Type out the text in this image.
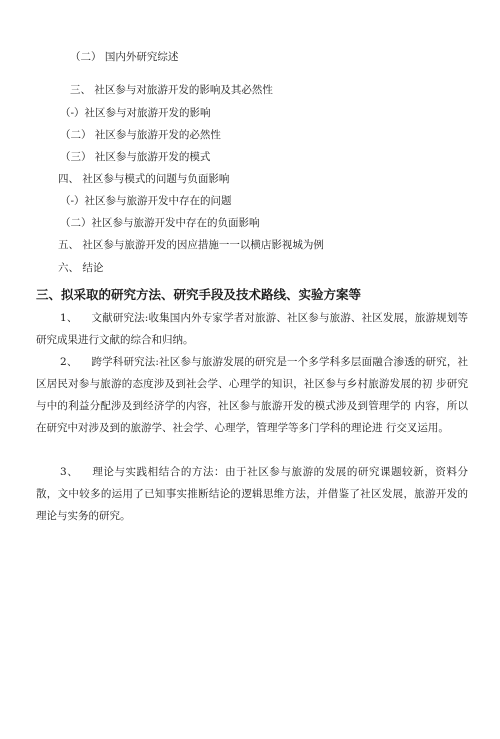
（二） 国内外研究综述
三、 社区参与对旅游开发的影响及其必然性
（-）社区参与对旅游开发的影响
（二） 社区参与旅游开发的必然性
（三） 社区参与旅游开发的模式
四、 社区参与模式的问题与负面影响
（-）社区参与旅游开发中存在的问题
（二）社区参与旅游开发中存在的负面影响
五、 社区参与旅游开发的因应措施一一以横店影视城为例
六、 结论
三、拟采取的研究方法、研究手段及技术路线、实验方案等
1、 文献研究法:收集国内外专家学者对旅游、社区参与旅游、社区发展，旅游规划等研究成果进行文献的综合和归纳。
2、 跨学科研究法:社区参与旅游发展的研究是一个多学科多层面融合渗透的研究，社区居民对参与旅游的态度涉及到社会学、心理学的知识，社区参与乡村旅游发展的初 步研究与中的利益分配涉及到经济学的内容，社区参与旅游开发的模式涉及到管理学的 内容，所以在研究中对涉及到的旅游学、社会学、心理学，管理学等多门学科的理论进 行交叉运用。
3、 理论与实践相结合的方法：由于社区参与旅游的发展的研究课题较新，资料分散，文中较多的运用了已知事实推断结论的逻辑思维方法，并借鉴了社区发展，旅游开发的 理论与实务的研究。
